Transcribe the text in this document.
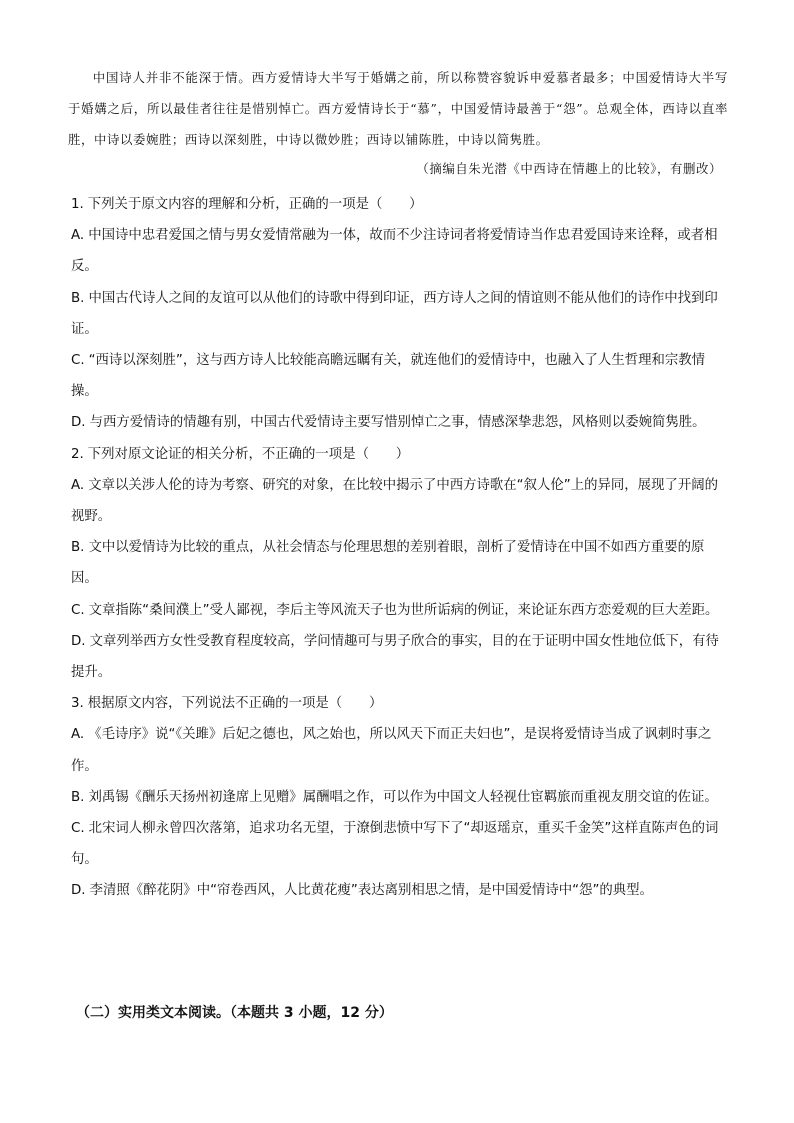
中国诗人并非不能深于情。西方爱情诗大半写于婚媾之前，所以称赞容貌诉申爱慕者最多；中国爱情诗大半写于婚媾之后，所以最佳者往往是惜别悼亡。西方爱情诗长于“慕”，中国爱情诗最善于“怨”。总观全体，西诗以直率胜，中诗以委婉胜；西诗以深刻胜，中诗以微妙胜；西诗以铺陈胜，中诗以简隽胜。

（摘编自朱光潜《中西诗在情趣上的比较》，有删改）

1. 下列关于原文内容的理解和分析，正确的一项是（　　）

A. 中国诗中忠君爱国之情与男女爱情常融为一体，故而不少注诗词者将爱情诗当作忠君爱国诗来诠释，或者相反。

B. 中国古代诗人之间的友谊可以从他们的诗歌中得到印证，西方诗人之间的情谊则不能从他们的诗作中找到印证。

C. “西诗以深刻胜”，这与西方诗人比较能高瞻远瞩有关，就连他们的爱情诗中，也融入了人生哲理和宗教情操。

D. 与西方爱情诗的情趣有别，中国古代爱情诗主要写惜别悼亡之事，情感深挚悲怨，风格则以委婉简隽胜。

2. 下列对原文论证的相关分析，不正确的一项是（　　）

A. 文章以关涉人伦的诗为考察、研究的对象，在比较中揭示了中西方诗歌在“叙人伦”上的异同，展现了开阔的视野。

B. 文中以爱情诗为比较的重点，从社会情态与伦理思想的差别着眼，剖析了爱情诗在中国不如西方重要的原因。

C. 文章指陈“桑间濮上”受人鄙视，李后主等风流天子也为世所诟病的例证，来论证东西方恋爱观的巨大差距。

D. 文章列举西方女性受教育程度较高，学问情趣可与男子欣合的事实，目的在于证明中国女性地位低下，有待提升。

3. 根据原文内容，下列说法不正确的一项是（　　）

A. 《毛诗序》说“《关雎》后妃之德也，风之始也，所以风天下而正夫妇也”，是误将爱情诗当成了讽刺时事之作。

B. 刘禹锡《酬乐天扬州初逢席上见赠》属酬唱之作，可以作为中国文人轻视仕宦羁旅而重视友朋交谊的佐证。

C. 北宋词人柳永曾四次落第，追求功名无望，于潦倒悲愤中写下了“却返瑶京，重买千金笑”这样直陈声色的词句。

D. 李清照《醉花阴》中“帘卷西风，人比黄花瘦”表达离别相思之情，是中国爱情诗中“怨”的典型。

（二）实用类文本阅读。（本题共 3 小题，12 分）
